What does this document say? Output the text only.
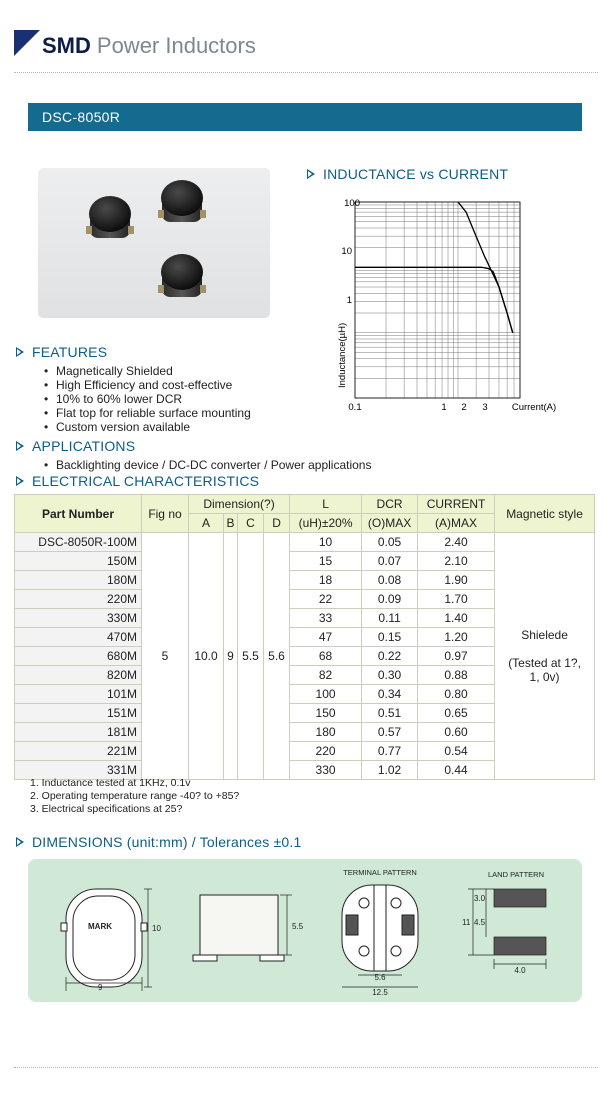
SMD Power Inductors
DSC-8050R
INDUCTANCE vs CURRENT
100
10
1
0.1	1 2 3	Current(A)
Inductance(µH)
FEATURES
• Magnetically Shielded
• High Efficiency and cost-effective
• 10% to 60% lower DCR
• Flat top for reliable surface mounting
• Custom version available
APPLICATIONS
• Backlighting device / DC-DC converter / Power applications
ELECTRICAL CHARACTERISTICS
Part Number	Fig no	Dimension(?)				L	DCR	CURRENT	Magnetic style
		A	B	C	D	(uH)±20%	(O)MAX	(A)MAX	
DSC-8050R-100M	5	10.0	9	5.5	5.6	10	0.05	2.40	Shielede
(Tested at 1?, 1, 0v)

150M						15	0.07	2.10	
180M						18	0.08	1.90	
220M						22	0.09	1.70	
330M						33	0.11	1.40	
470M						47	0.15	1.20	
680M						68	0.22	0.97	
820M						82	0.30	0.88	
101M						100	0.34	0.80	
151M						150	0.51	0.65	
181M						180	0.57	0.60	
221M						220	0.77	0.54	
331M						330	1.02	0.44	
1. Inductance tested at 1KHz, 0.1v
2. Operating temperature range -40? to +85?
3. Electrical specifications at 25?
DIMENSIONS (unit:mm) / Tolerances ±0.1
MARK
9
10	5.5
TERMINAL PATTERN
5.6
12.5
LAND PATTERN
11
3.0
4.5
4.0
